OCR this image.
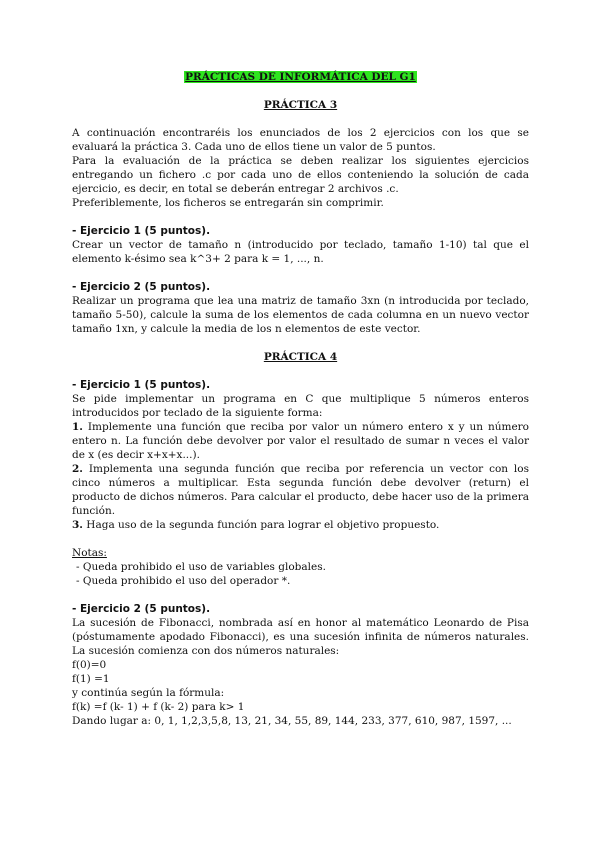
PRÁCTICAS DE INFORMÁTICA DEL G1
PRÁCTICA 3

A continuación encontraréis los enunciados de los 2 ejercicios con los que se evaluará la práctica 3. Cada uno de ellos tiene un valor de 5 puntos.

Para la evaluación de la práctica se deben realizar los siguientes ejercicios entregando un fichero .c por cada uno de ellos conteniendo la solución de cada ejercicio, es decir, en total se deberán entregar 2 archivos .c.

Preferiblemente, los ficheros se entregarán sin comprimir.

- Ejercicio 1 (5 puntos).

Crear un vector de tamaño n (introducido por teclado, tamaño 1-10) tal que el elemento k-ésimo sea k^3+ 2 para k = 1, ..., n.

- Ejercicio 2 (5 puntos).

Realizar un programa que lea una matriz de tamaño 3xn (n introducida por teclado, tamaño 5-50), calcule la suma de los elementos de cada columna en un nuevo vector tamaño 1xn, y calcule la media de los n elementos de este vector.

PRÁCTICA 4

- Ejercicio 1 (5 puntos).

Se pide implementar un programa en C que multiplique 5 números enteros introducidos por teclado de la siguiente forma:

1. Implemente una función que reciba por valor un número entero x y un número entero n. La función debe devolver por valor el resultado de sumar n veces el valor de x (es decir x+x+x...).

2. Implementa una segunda función que reciba por referencia un vector con los cinco números a multiplicar. Esta segunda función debe devolver (return) el producto de dichos números. Para calcular el producto, debe hacer uso de la primera función.

3. Haga uso de la segunda función para lograr el objetivo propuesto.

Notas:

- Queda prohibido el uso de variables globales.

- Queda prohibido el uso del operador *.

- Ejercicio 2 (5 puntos).

La sucesión de Fibonacci, nombrada así en honor al matemático Leonardo de Pisa (póstumamente apodado Fibonacci), es una sucesión infinita de números naturales. La sucesión comienza con dos números naturales:

f(0)=0

f(1) =1

y continúa según la fórmula:

f(k) =f (k- 1) + f (k- 2) para k> 1

Dando lugar a: 0, 1, 1,2,3,5,8, 13, 21, 34, 55, 89, 144, 233, 377, 610, 987, 1597, ...
